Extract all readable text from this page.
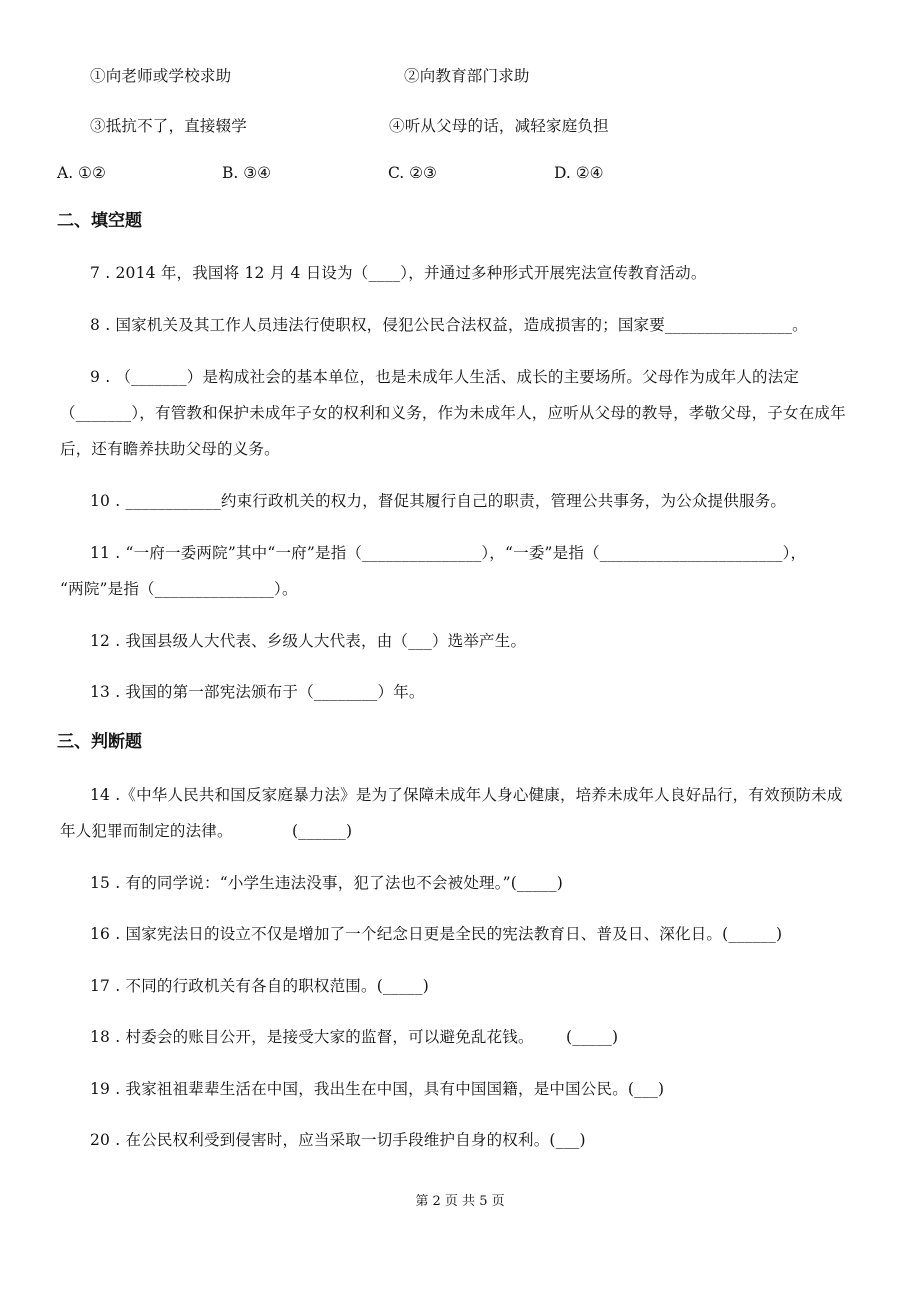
①向老师或学校求助	②向教育部门求助
③抵抗不了，直接辍学	④听从父母的话，减轻家庭负担
A. ①②	B. ③④	C. ②③	D. ②④
二、填空题
7 . 2014 年，我国将 12 月 4 日设为（____），并通过多种形式开展宪法宣传教育活动。
8 . 国家机关及其工作人员违法行使职权，侵犯公民合法权益，造成损害的；国家要________________。
9 . （_______）是构成社会的基本单位，也是未成年人生活、成长的主要场所。父母作为成年人的法定
（_______），有管教和保护未成年子女的权利和义务，作为未成年人，应听从父母的教导，孝敬父母，子女在成年
后，还有瞻养扶助父母的义务。
10 . ____________约束行政机关的权力，督促其履行自己的职责，管理公共事务，为公众提供服务。
11 . “一府一委两院”其中“一府”是指（_______________），“一委”是指（_______________________），
“两院”是指（_______________）。
12 . 我国县级人大代表、乡级人大代表，由（___）选举产生。
13 . 我国的第一部宪法颁布于（________）年。
三、判断题
14 .《中华人民共和国反家庭暴力法》是为了保障未成年人身心健康，培养未成年人良好品行，有效预防未成
年人犯罪而制定的法律。	(______)
15 . 有的同学说：“小学生违法没事，犯了法也不会被处理。”(_____)
16 . 国家宪法日的设立不仅是增加了一个纪念日更是全民的宪法教育日、普及日、深化日。(______)
17 . 不同的行政机关有各自的职权范围。(_____)
18 . 村委会的账目公开，是接受大家的监督，可以避免乱花钱。 (_____)
19 . 我家祖祖辈辈生活在中国，我出生在中国，具有中国国籍，是中国公民。(___)
20 . 在公民权利受到侵害时，应当采取一切手段维护自身的权利。(___)
第 2 页 共 5 页
